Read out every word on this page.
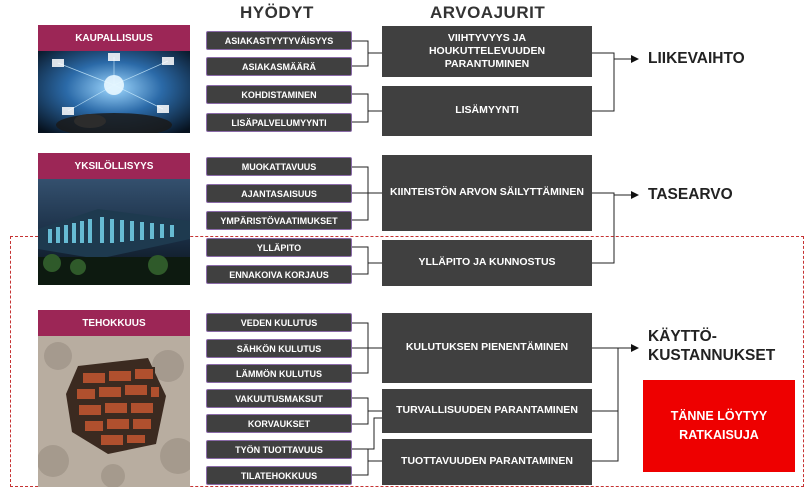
HYÖDYT	ARVOAJURIT
KAUPALLISUUS
YKSILÖLLISYYS
TEHOKKUUS
ASIAKASTYYTYVÄISYYS
ASIAKASMÄÄRÄ
KOHDISTAMINEN
LISÄPALVELUMYYNTI
MUOKATTAVUUS
AJANTASAISUUS
YMPÄRISTÖVAATIMUKSET
YLLÄPITO
ENNAKOIVA KORJAUS
VEDEN KULUTUS
SÄHKÖN KULUTUS
LÄMMÖN KULUTUS
VAKUUTUSMAKSUT
KORVAUKSET
TYÖN TUOTTAVUUS
TILATEHOKKUUS
VIIHTYVYYS JA HOUKUTTELEVUUDEN PARANTUMINEN
LISÄMYYNTI
KIINTEISTÖN ARVON SÄILYTTÄMINEN
YLLÄPITO JA KUNNOSTUS
KULUTUKSEN PIENENTÄMINEN
TURVALLISUUDEN PARANTAMINEN
TUOTTAVUUDEN PARANTAMINEN
LIIKEVAIHTO
TASEARVO
KÄYTTÖ-
KUSTANNUKSET
TÄNNE LÖYTYY
RATKAISUJA
